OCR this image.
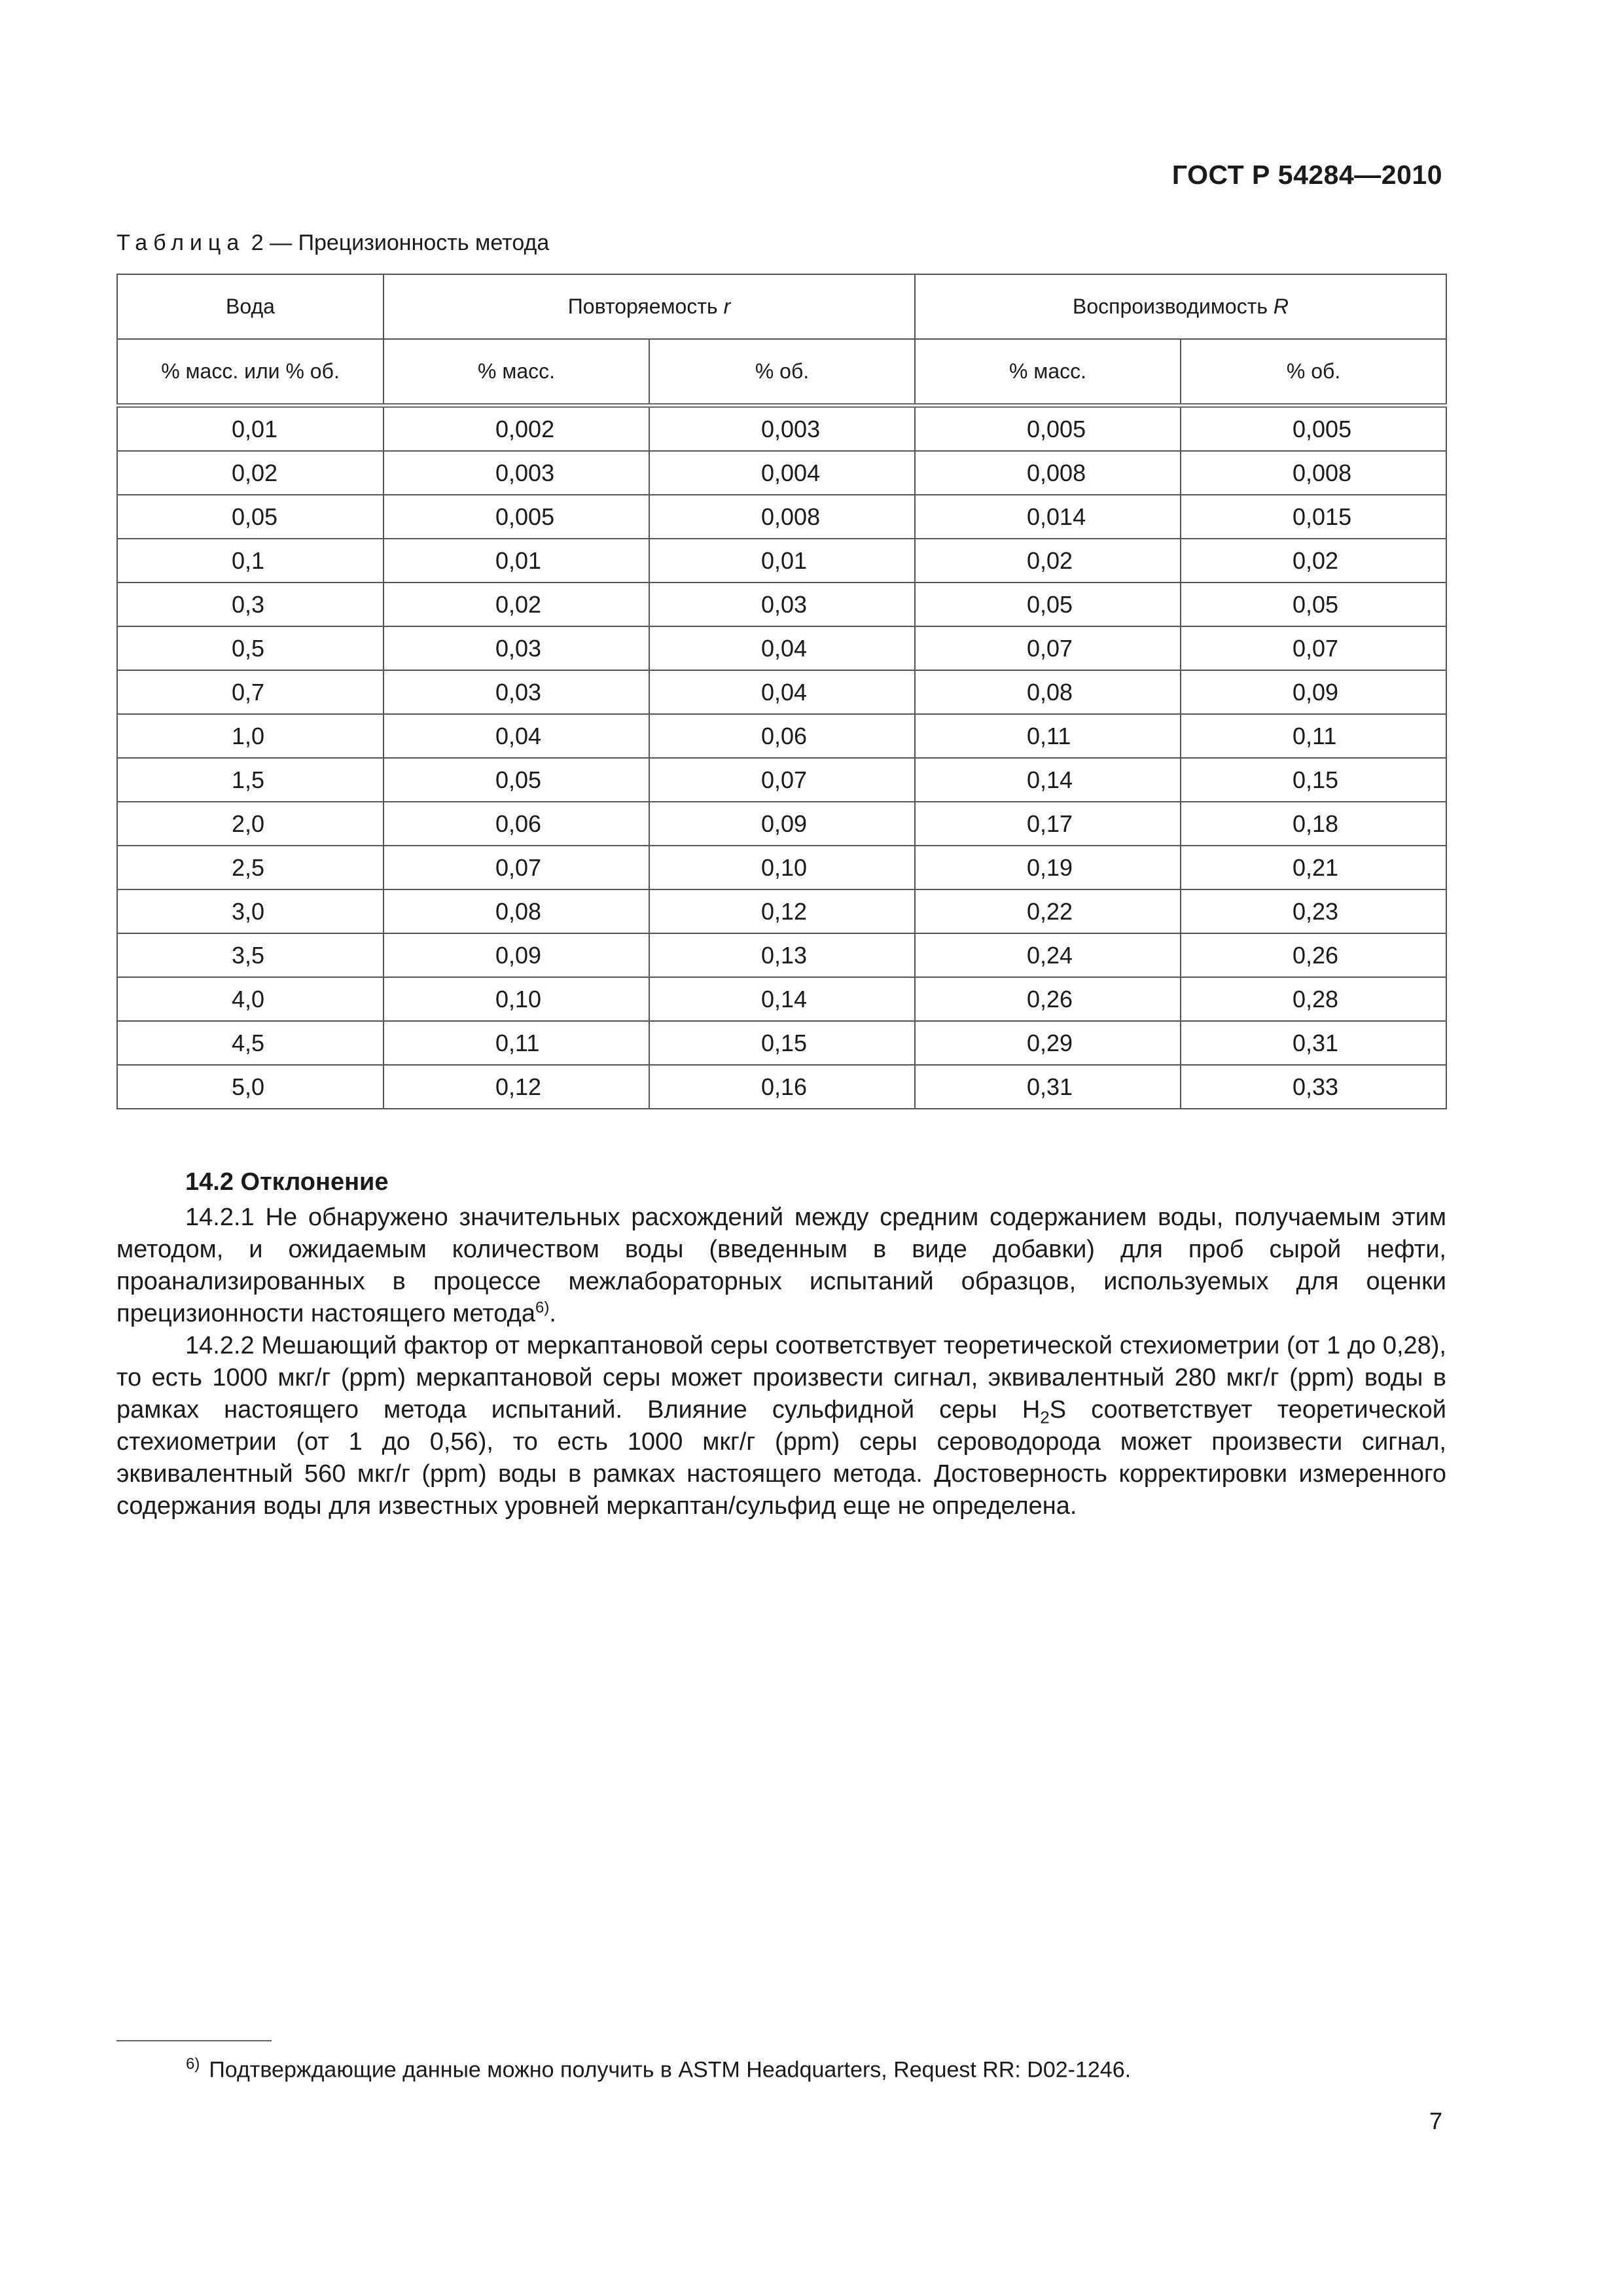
ГОСТ Р 54284—2010
Таблица 2 — Прецизионность метода
Вода	Повторяемость r		Воспроизводимость R	
% масс. или % об.	% масс.	% об.	% масс.	% об.
0,01	0,002	0,003	0,005	0,005
0,02	0,003	0,004	0,008	0,008
0,05	0,005	0,008	0,014	0,015
0,1	0,01	0,01	0,02	0,02
0,3	0,02	0,03	0,05	0,05
0,5	0,03	0,04	0,07	0,07
0,7	0,03	0,04	0,08	0,09
1,0	0,04	0,06	0,11	0,11
1,5	0,05	0,07	0,14	0,15
2,0	0,06	0,09	0,17	0,18
2,5	0,07	0,10	0,19	0,21
3,0	0,08	0,12	0,22	0,23
3,5	0,09	0,13	0,24	0,26
4,0	0,10	0,14	0,26	0,28
4,5	0,11	0,15	0,29	0,31
5,0	0,12	0,16	0,31	0,33
14.2 Отклонение

14.2.1 Не обнаружено значительных расхождений между средним содержанием воды, получаемым этим методом, и ожидаемым количеством воды (введенным в виде добавки) для проб сырой нефти, проанализированных в процессе межлабораторных испытаний образцов, используемых для оценки прецизионности настоящего метода$^{6)}$.

14.2.2 Мешающий фактор от меркаптановой серы соответствует теоретической стехиометрии (от 1 до 0,28), то есть 1000 мкг/г (ppm) меркаптановой серы может произвести сигнал, эквивалентный 280 мкг/г (ppm) воды в рамках настоящего метода испытаний. Влияние сульфидной серы $H_2S$ соответствует теоретической стехиометрии (от 1 до 0,56), то есть 1000 мкг/г (ppm) серы сероводорода может произвести сигнал, эквивалентный 560 мкг/г (ppm) воды в рамках настоящего метода. Достоверность корректировки измеренного содержания воды для известных уровней меркаптан/сульфид еще не определена.

$^{6)}$ Подтверждающие данные можно получить в ASTM Headquarters, Request RR: D02-1246.
7
